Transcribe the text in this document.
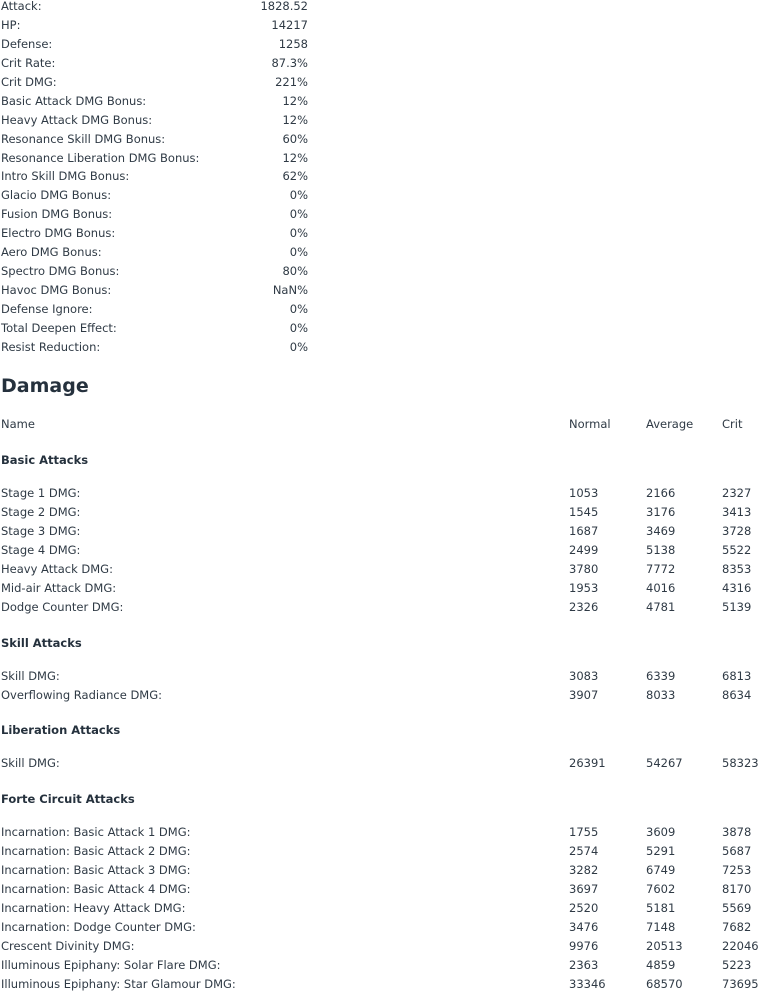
Attack:	1828.52
HP:	14217
Defense:	1258
Crit Rate:	87.3%
Crit DMG:	221%
Basic Attack DMG Bonus:	12%
Heavy Attack DMG Bonus:	12%
Resonance Skill DMG Bonus:	60%
Resonance Liberation DMG Bonus:	12%
Intro Skill DMG Bonus:	62%
Glacio DMG Bonus:	0%
Fusion DMG Bonus:	0%
Electro DMG Bonus:	0%
Aero DMG Bonus:	0%
Spectro DMG Bonus:	80%
Havoc DMG Bonus:	NaN%
Defense Ignore:	0%
Total Deepen Effect:	0%
Resist Reduction:	0%
Damage
Name	Normal	Average	Crit
Basic Attacks
Stage 1 DMG:	1053	2166	2327
Stage 2 DMG:	1545	3176	3413
Stage 3 DMG:	1687	3469	3728
Stage 4 DMG:	2499	5138	5522
Heavy Attack DMG:	3780	7772	8353
Mid-air Attack DMG:	1953	4016	4316
Dodge Counter DMG:	2326	4781	5139
Skill Attacks
Skill DMG:	3083	6339	6813
Overflowing Radiance DMG:	3907	8033	8634
Liberation Attacks
Skill DMG:	26391	54267	58323
Forte Circuit Attacks
Incarnation: Basic Attack 1 DMG:	1755	3609	3878
Incarnation: Basic Attack 2 DMG:	2574	5291	5687
Incarnation: Basic Attack 3 DMG:	3282	6749	7253
Incarnation: Basic Attack 4 DMG:	3697	7602	8170
Incarnation: Heavy Attack DMG:	2520	5181	5569
Incarnation: Dodge Counter DMG:	3476	7148	7682
Crescent Divinity DMG:	9976	20513	22046
Illuminous Epiphany: Solar Flare DMG:	2363	4859	5223
Illuminous Epiphany: Star Glamour DMG:	33346	68570	73695
